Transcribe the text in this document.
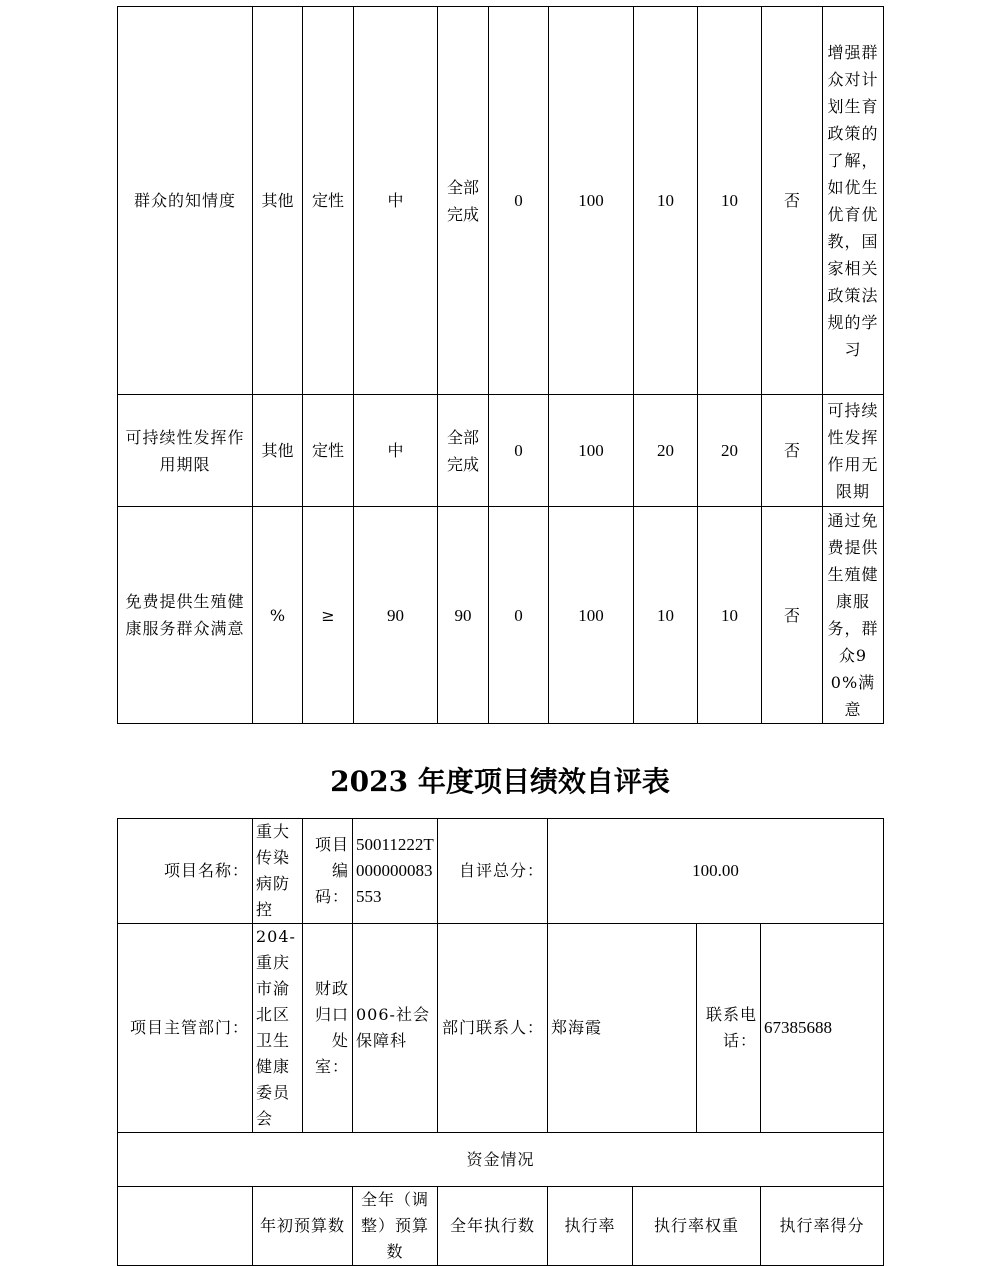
群众的知情度	其他	定性	中	全部完成	0	100	10	10	否	增强群众对计划生育政策的了解，如优生优育优教，国家相关政策法规的学习
可持续性发挥作用期限	其他	定性	中	全部完成	0	100	20	20	否	可持续性发挥作用无限期
免费提供生殖健康服务群众满意	%	≥	90	90	0	100	10	10	否	通过免费提供生殖健康服务，群众90%满意
2023 年度项目绩效自评表
项目名称：	重大传染病防控	项目编码：	50011222T000000083553	自评总分：	100.00			
项目主管部门：	204-重庆市渝北区卫生健康委员会	财政归口处室：	006-社会保障科	部门联系人：	郑海霞		联系电话：	67385688
资金情况								
	年初预算数		全年（调整）预算数	全年执行数	执行率	执行率权重		执行率得分
